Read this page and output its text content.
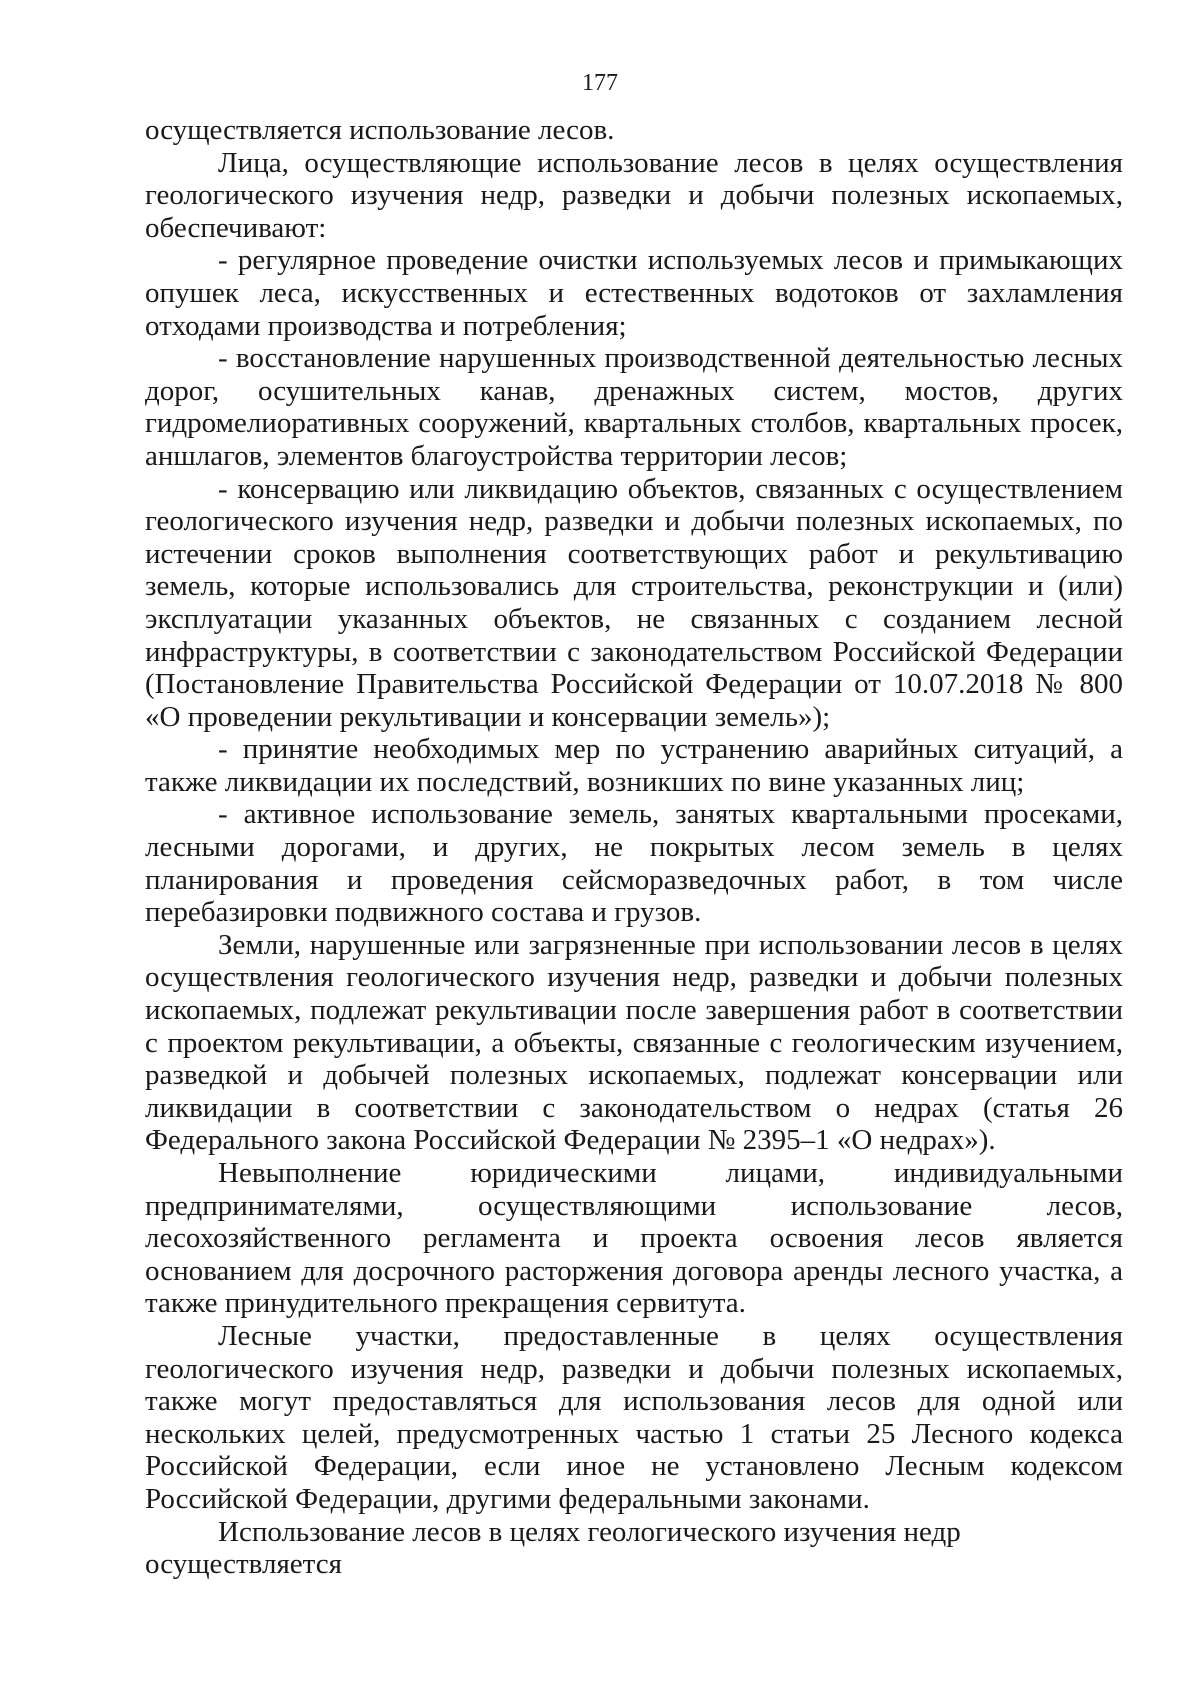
177

осуществляется использование лесов.

Лица, осуществляющие использование лесов в целях осуществления геологического изучения недр, разведки и добычи полезных ископаемых, обеспечивают:

- регулярное проведение очистки используемых лесов и примыкающих опушек леса, искусственных и естественных водотоков от захламления отходами производства и потребления;

- восстановление нарушенных производственной деятельностью лесных дорог, осушительных канав, дренажных систем, мостов, других гидромелиоративных сооружений, квартальных столбов, квартальных просек, аншлагов, элементов благоустройства территории лесов;

- консервацию или ликвидацию объектов, связанных с осуществлением геологического изучения недр, разведки и добычи полезных ископаемых, по истечении сроков выполнения соответствующих работ и рекультивацию земель, которые использовались для строительства, реконструкции и (или) эксплуатации указанных объектов, не связанных с созданием лесной инфраструктуры, в соответствии с законодательством Российской Федерации (Постановление Правительства Российской Федерации от 10.07.2018 № 800 «О проведении рекультивации и консервации земель»);

- принятие необходимых мер по устранению аварийных ситуаций, а также ликвидации их последствий, возникших по вине указанных лиц;

- активное использование земель, занятых квартальными просеками, лесными дорогами, и других, не покрытых лесом земель в целях планирования и проведения сейсморазведочных работ, в том числе перебазировки подвижного состава и грузов.

Земли, нарушенные или загрязненные при использовании лесов в целях осуществления геологического изучения недр, разведки и добычи полезных ископаемых, подлежат рекультивации после завершения работ в соответствии с проектом рекультивации, а объекты, связанные с геологическим изучением, разведкой и добычей полезных ископаемых, подлежат консервации или ликвидации в соответствии с законодательством о недрах (статья 26 Федерального закона Российской Федерации № 2395–1 «О недрах»).

Невыполнение юридическими лицами, индивидуальными предпринимателями, осуществляющими использование лесов, лесохозяйственного регламента и проекта освоения лесов является основанием для досрочного расторжения договора аренды лесного участка, а также принудительного прекращения сервитута.

Лесные участки, предоставленные в целях осуществления геологического изучения недр, разведки и добычи полезных ископаемых, также могут предоставляться для использования лесов для одной или нескольких целей, предусмотренных частью 1 статьи 25 Лесного кодекса Российской Федерации, если иное не установлено Лесным кодексом Российской Федерации, другими федеральными законами.

Использование лесов в целях геологического изучения недр осуществляется
